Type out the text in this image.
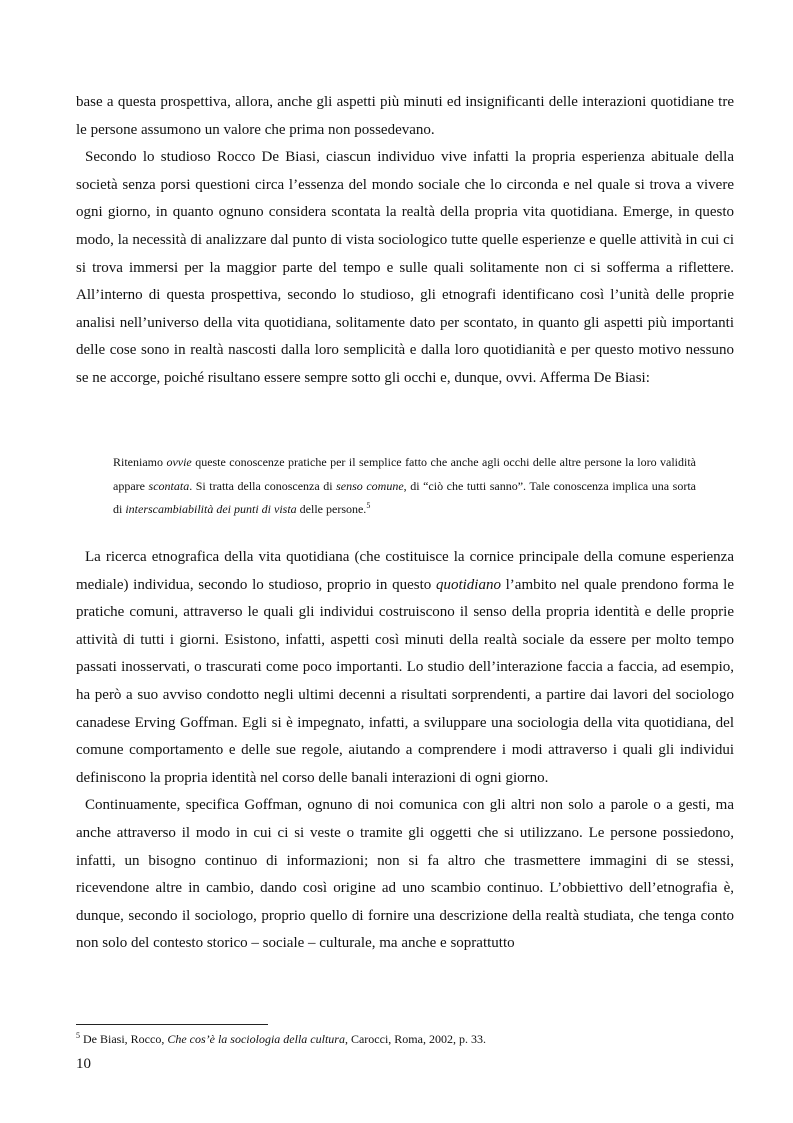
base a questa prospettiva, allora, anche gli aspetti più minuti ed insignificanti delle interazioni quotidiane tre le persone assumono un valore che prima non possedevano.

Secondo lo studioso Rocco De Biasi, ciascun individuo vive infatti la propria esperienza abituale della società senza porsi questioni circa l’essenza del mondo sociale che lo circonda e nel quale si trova a vivere ogni giorno, in quanto ognuno considera scontata la realtà della propria vita quotidiana. Emerge, in questo modo, la necessità di analizzare dal punto di vista sociologico tutte quelle esperienze e quelle attività in cui ci si trova immersi per la maggior parte del tempo e sulle quali solitamente non ci si sofferma a riflettere. All’interno di questa prospettiva, secondo lo studioso, gli etnografi identificano così l’unità delle proprie analisi nell’universo della vita quotidiana, solitamente dato per scontato, in quanto gli aspetti più importanti delle cose sono in realtà nascosti dalla loro semplicità e dalla loro quotidianità e per questo motivo nessuno se ne accorge, poiché risultano essere sempre sotto gli occhi e, dunque, ovvi. Afferma De Biasi:

Riteniamo ovvie queste conoscenze pratiche per il semplice fatto che anche agli occhi delle altre persone la loro validità appare scontata. Si tratta della conoscenza di senso comune, di “ciò che tutti sanno”. Tale conoscenza implica una sorta di interscambiabilità dei punti di vista delle persone.$^5$

La ricerca etnografica della vita quotidiana (che costituisce la cornice principale della comune esperienza mediale) individua, secondo lo studioso, proprio in questo quotidiano l’ambito nel quale prendono forma le pratiche comuni, attraverso le quali gli individui costruiscono il senso della propria identità e delle proprie attività di tutti i giorni. Esistono, infatti, aspetti così minuti della realtà sociale da essere per molto tempo passati inosservati, o trascurati come poco importanti. Lo studio dell’interazione faccia a faccia, ad esempio, ha però a suo avviso condotto negli ultimi decenni a risultati sorprendenti, a partire dai lavori del sociologo canadese Erving Goffman. Egli si è impegnato, infatti, a sviluppare una sociologia della vita quotidiana, del comune comportamento e delle sue regole, aiutando a comprendere i modi attraverso i quali gli individui definiscono la propria identità nel corso delle banali interazioni di ogni giorno.

Continuamente, specifica Goffman, ognuno di noi comunica con gli altri non solo a parole o a gesti, ma anche attraverso il modo in cui ci si veste o tramite gli oggetti che si utilizzano. Le persone possiedono, infatti, un bisogno continuo di informazioni; non si fa altro che trasmettere immagini di se stessi, ricevendone altre in cambio, dando così origine ad uno scambio continuo. L’obbiettivo dell’etnografia è, dunque, secondo il sociologo, proprio quello di fornire una descrizione della realtà studiata, che tenga conto non solo del contesto storico – sociale – culturale, ma anche e soprattutto

$^5$ De Biasi, Rocco, Che cos’è la sociologia della cultura, Carocci, Roma, 2002, p. 33.
10
